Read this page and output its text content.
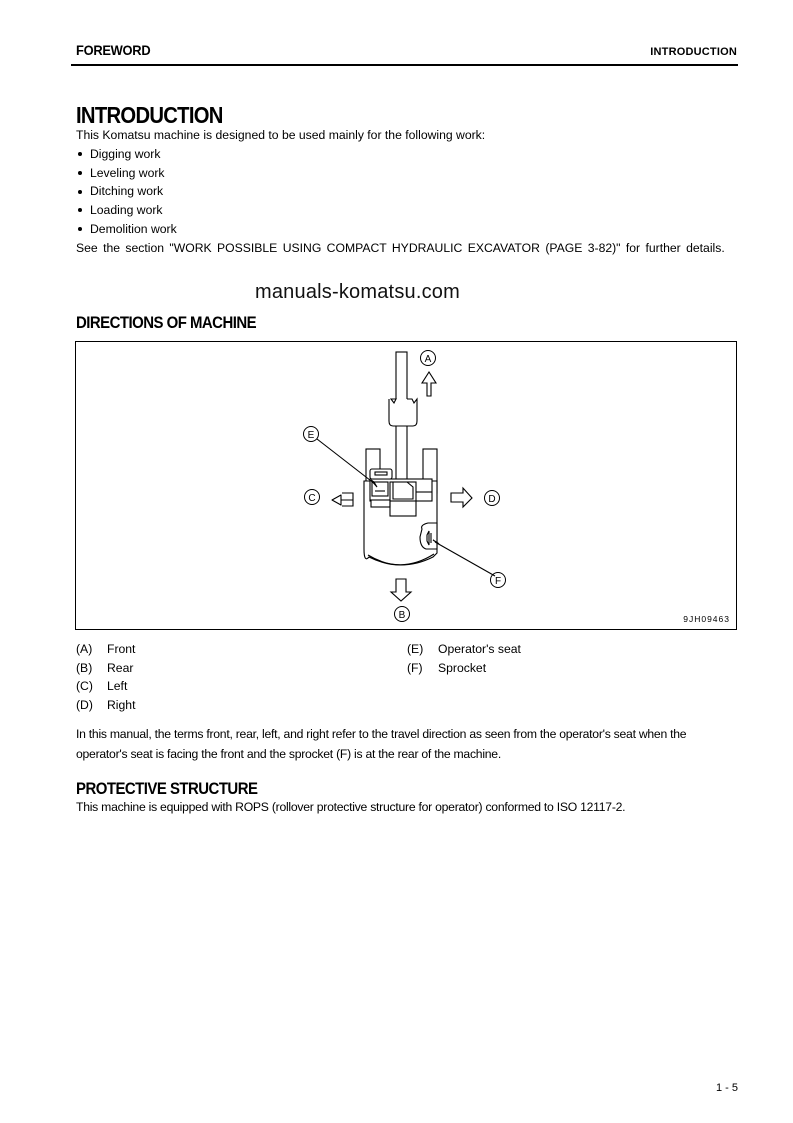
FOREWORD	INTRODUCTION
INTRODUCTION

This Komatsu machine is designed to be used mainly for the following work:

Digging work
Leveling work
Ditching work
Loading work
Demolition work

See the section "WORK POSSIBLE USING COMPACT HYDRAULIC EXCAVATOR (PAGE 3-82)" for further details.

manuals-komatsu.com
DIRECTIONS OF MACHINE
A
B
C	D
E
F
9JH09463
(A)	Front
(B)	Rear
(C)	Left
(D)	Right
(E)	Operator's seat
(F)	Sprocket

In this manual, the terms front, rear, left, and right refer to the travel direction as seen from the operator's seat when the operator's seat is facing the front and the sprocket (F) is at the rear of the machine.

PROTECTIVE STRUCTURE

This machine is equipped with ROPS (rollover protective structure for operator) conformed to ISO 12117-2.

1 - 5
